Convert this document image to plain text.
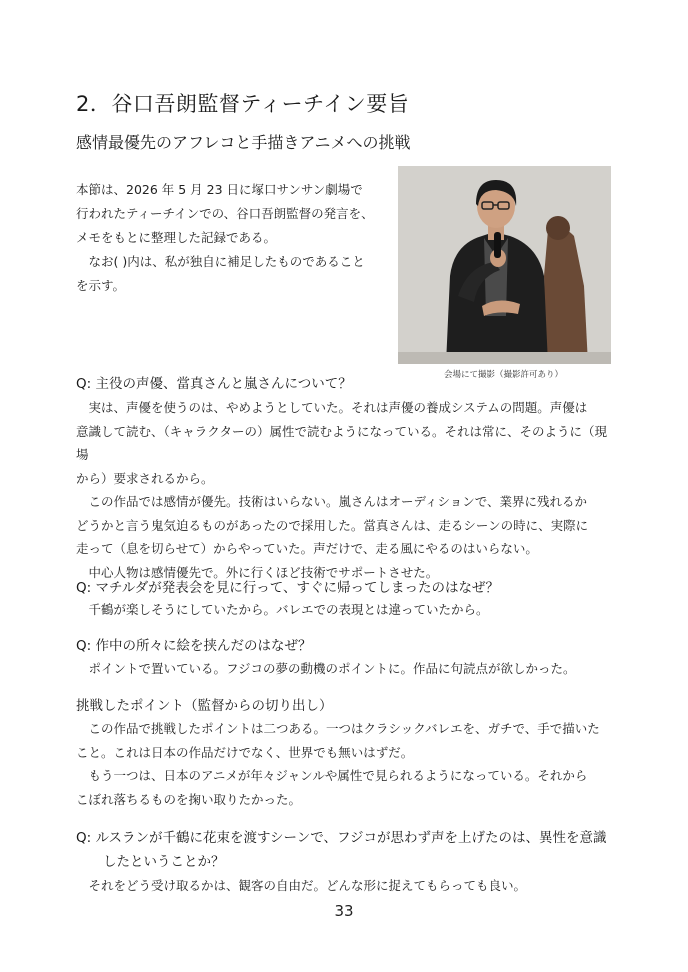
2．谷口吾朗監督ティーチイン要旨
感情最優先のアフレコと手描きアニメへの挑戦

本節は、2026 年 5 月 23 日に塚口サンサン劇場で

行われたティーチインでの、谷口吾朗監督の発言を、

メモをもとに整理した記録である。

　なお( )内は、私が独自に補足したものであること

を示す。

会場にて撮影（撮影許可あり）
Q: 主役の声優、當真さんと嵐さんについて？

　実は、声優を使うのは、やめようとしていた。それは声優の養成システムの問題。声優は

意識して読む、（キャラクターの）属性で読むようになっている。それは常に、そのように（現場

から）要求されるから。

　この作品では感情が優先。技術はいらない。嵐さんはオーディションで、業界に残れるか

どうかと言う鬼気迫るものがあったので採用した。當真さんは、走るシーンの時に、実際に

走って（息を切らせて）からやっていた。声だけで、走る風にやるのはいらない。

　中心人物は感情優先で。外に行くほど技術でサポートさせた。

Q: マチルダが発表会を見に行って、すぐに帰ってしまったのはなぜ？

　千鶴が楽しそうにしていたから。バレエでの表現とは違っていたから。

Q: 作中の所々に絵を挟んだのはなぜ？

　ポイントで置いている。フジコの夢の動機のポイントに。作品に句読点が欲しかった。

挑戦したポイント（監督からの切り出し）

　この作品で挑戦したポイントは二つある。一つはクラシックバレエを、ガチで、手で描いた

こと。これは日本の作品だけでなく、世界でも無いはずだ。

　もう一つは、日本のアニメが年々ジャンルや属性で見られるようになっている。それから

こぼれ落ちるものを掬い取りたかった。

Q: ルスランが千鶴に花束を渡すシーンで、フジコが思わず声を上げたのは、異性を意識
　　したということか？

　それをどう受け取るかは、観客の自由だ。どんな形に捉えてもらっても良い。

33
